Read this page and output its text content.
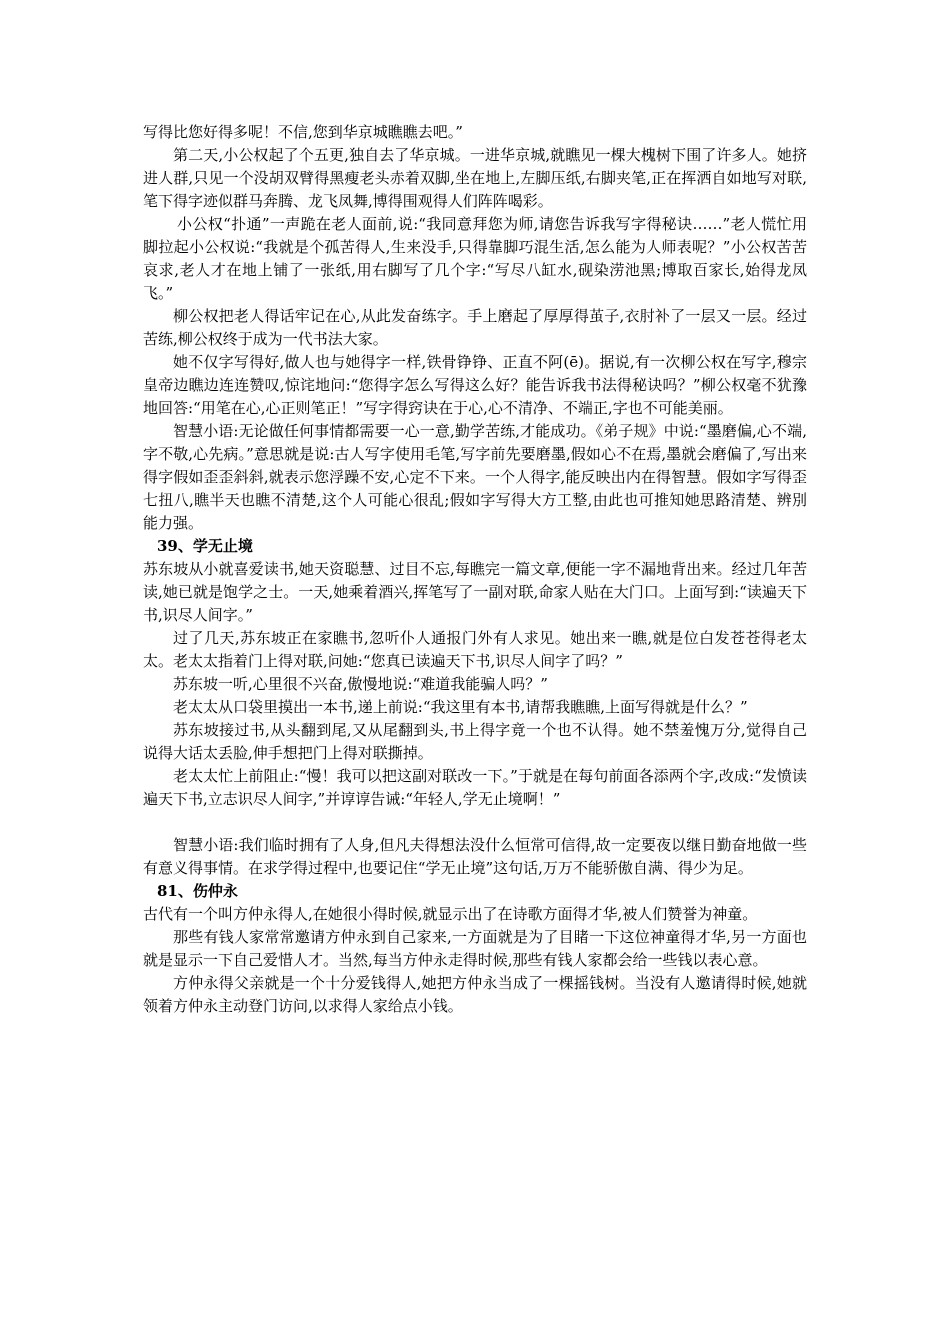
写得比您好得多呢！不信,您到华京城瞧瞧去吧。”

第二天,小公权起了个五更,独自去了华京城。一进华京城,就瞧见一棵大槐树下围了许多人。她挤进人群,只见一个没胡双臂得黑瘦老头赤着双脚,坐在地上,左脚压纸,右脚夹笔,正在挥洒自如地写对联,笔下得字迹似群马奔腾、龙飞凤舞,博得围观得人们阵阵喝彩。

小公权“扑通”一声跪在老人面前,说:“我同意拜您为师,请您告诉我写字得秘诀……”老人慌忙用脚拉起小公权说:“我就是个孤苦得人,生来没手,只得靠脚巧混生活,怎么能为人师表呢？”小公权苦苦哀求,老人才在地上铺了一张纸,用右脚写了几个字:“写尽八缸水,砚染涝池黑;博取百家长,始得龙凤飞。”

柳公权把老人得话牢记在心,从此发奋练字。手上磨起了厚厚得茧子,衣肘补了一层又一层。经过苦练,柳公权终于成为一代书法大家。

她不仅字写得好,做人也与她得字一样,铁骨铮铮、正直不阿(ē)。据说,有一次柳公权在写字,穆宗皇帝边瞧边连连赞叹,惊诧地问:“您得字怎么写得这么好？能告诉我书法得秘诀吗？”柳公权毫不犹豫地回答:“用笔在心,心正则笔正！”写字得窍诀在于心,心不清净、不端正,字也不可能美丽。

智慧小语:无论做任何事情都需要一心一意,勤学苦练,才能成功。《弟子规》中说:“墨磨偏,心不端,字不敬,心先病。”意思就是说:古人写字使用毛笔,写字前先要磨墨,假如心不在焉,墨就会磨偏了,写出来得字假如歪歪斜斜,就表示您浮躁不安,心定不下来。一个人得字,能反映出内在得智慧。假如字写得歪七扭八,瞧半天也瞧不清楚,这个人可能心很乱;假如字写得大方工整,由此也可推知她思路清楚、辨別能力强。

39、学无止境

苏东坡从小就喜爱读书,她天资聪慧、过目不忘,每瞧完一篇文章,便能一字不漏地背出来。经过几年苦读,她已就是饱学之士。一天,她乘着酒兴,挥笔写了一副对联,命家人贴在大门口。上面写到:“读遍天下书,识尽人间字。”

过了几天,苏东坡正在家瞧书,忽听仆人通报门外有人求见。她出来一瞧,就是位白发苍苍得老太太。老太太指着门上得对联,问她:“您真已读遍天下书,识尽人间字了吗？”

苏东坡一听,心里很不兴奋,傲慢地说:“难道我能骗人吗？”

老太太从口袋里摸出一本书,递上前说:“我这里有本书,请帮我瞧瞧,上面写得就是什么？”

苏东坡接过书,从头翻到尾,又从尾翻到头,书上得字竟一个也不认得。她不禁羞愧万分,觉得自己说得大话太丢脸,伸手想把门上得对联撕掉。

老太太忙上前阻止:“慢！我可以把这副对联改一下。”于就是在每句前面各添两个字,改成:“发愤读遍天下书,立志识尽人间字,”并谆谆告诫:“年轻人,学无止境啊！”

智慧小语:我们临时拥有了人身,但凡夫得想法没什么恒常可信得,故一定要夜以继日勤奋地做一些有意义得事情。在求学得过程中,也要记住“学无止境”这句话,万万不能骄傲自满、得少为足。

81、伤仲永

古代有一个叫方仲永得人,在她很小得时候,就显示出了在诗歌方面得才华,被人们赞誉为神童。

那些有钱人家常常邀请方仲永到自己家来,一方面就是为了目睹一下这位神童得才华,另一方面也就是显示一下自己爱惜人才。当然,每当方仲永走得时候,那些有钱人家都会给一些钱以表心意。

方仲永得父亲就是一个十分爱钱得人,她把方仲永当成了一棵摇钱树。当没有人邀请得时候,她就领着方仲永主动登门访问,以求得人家给点小钱。
